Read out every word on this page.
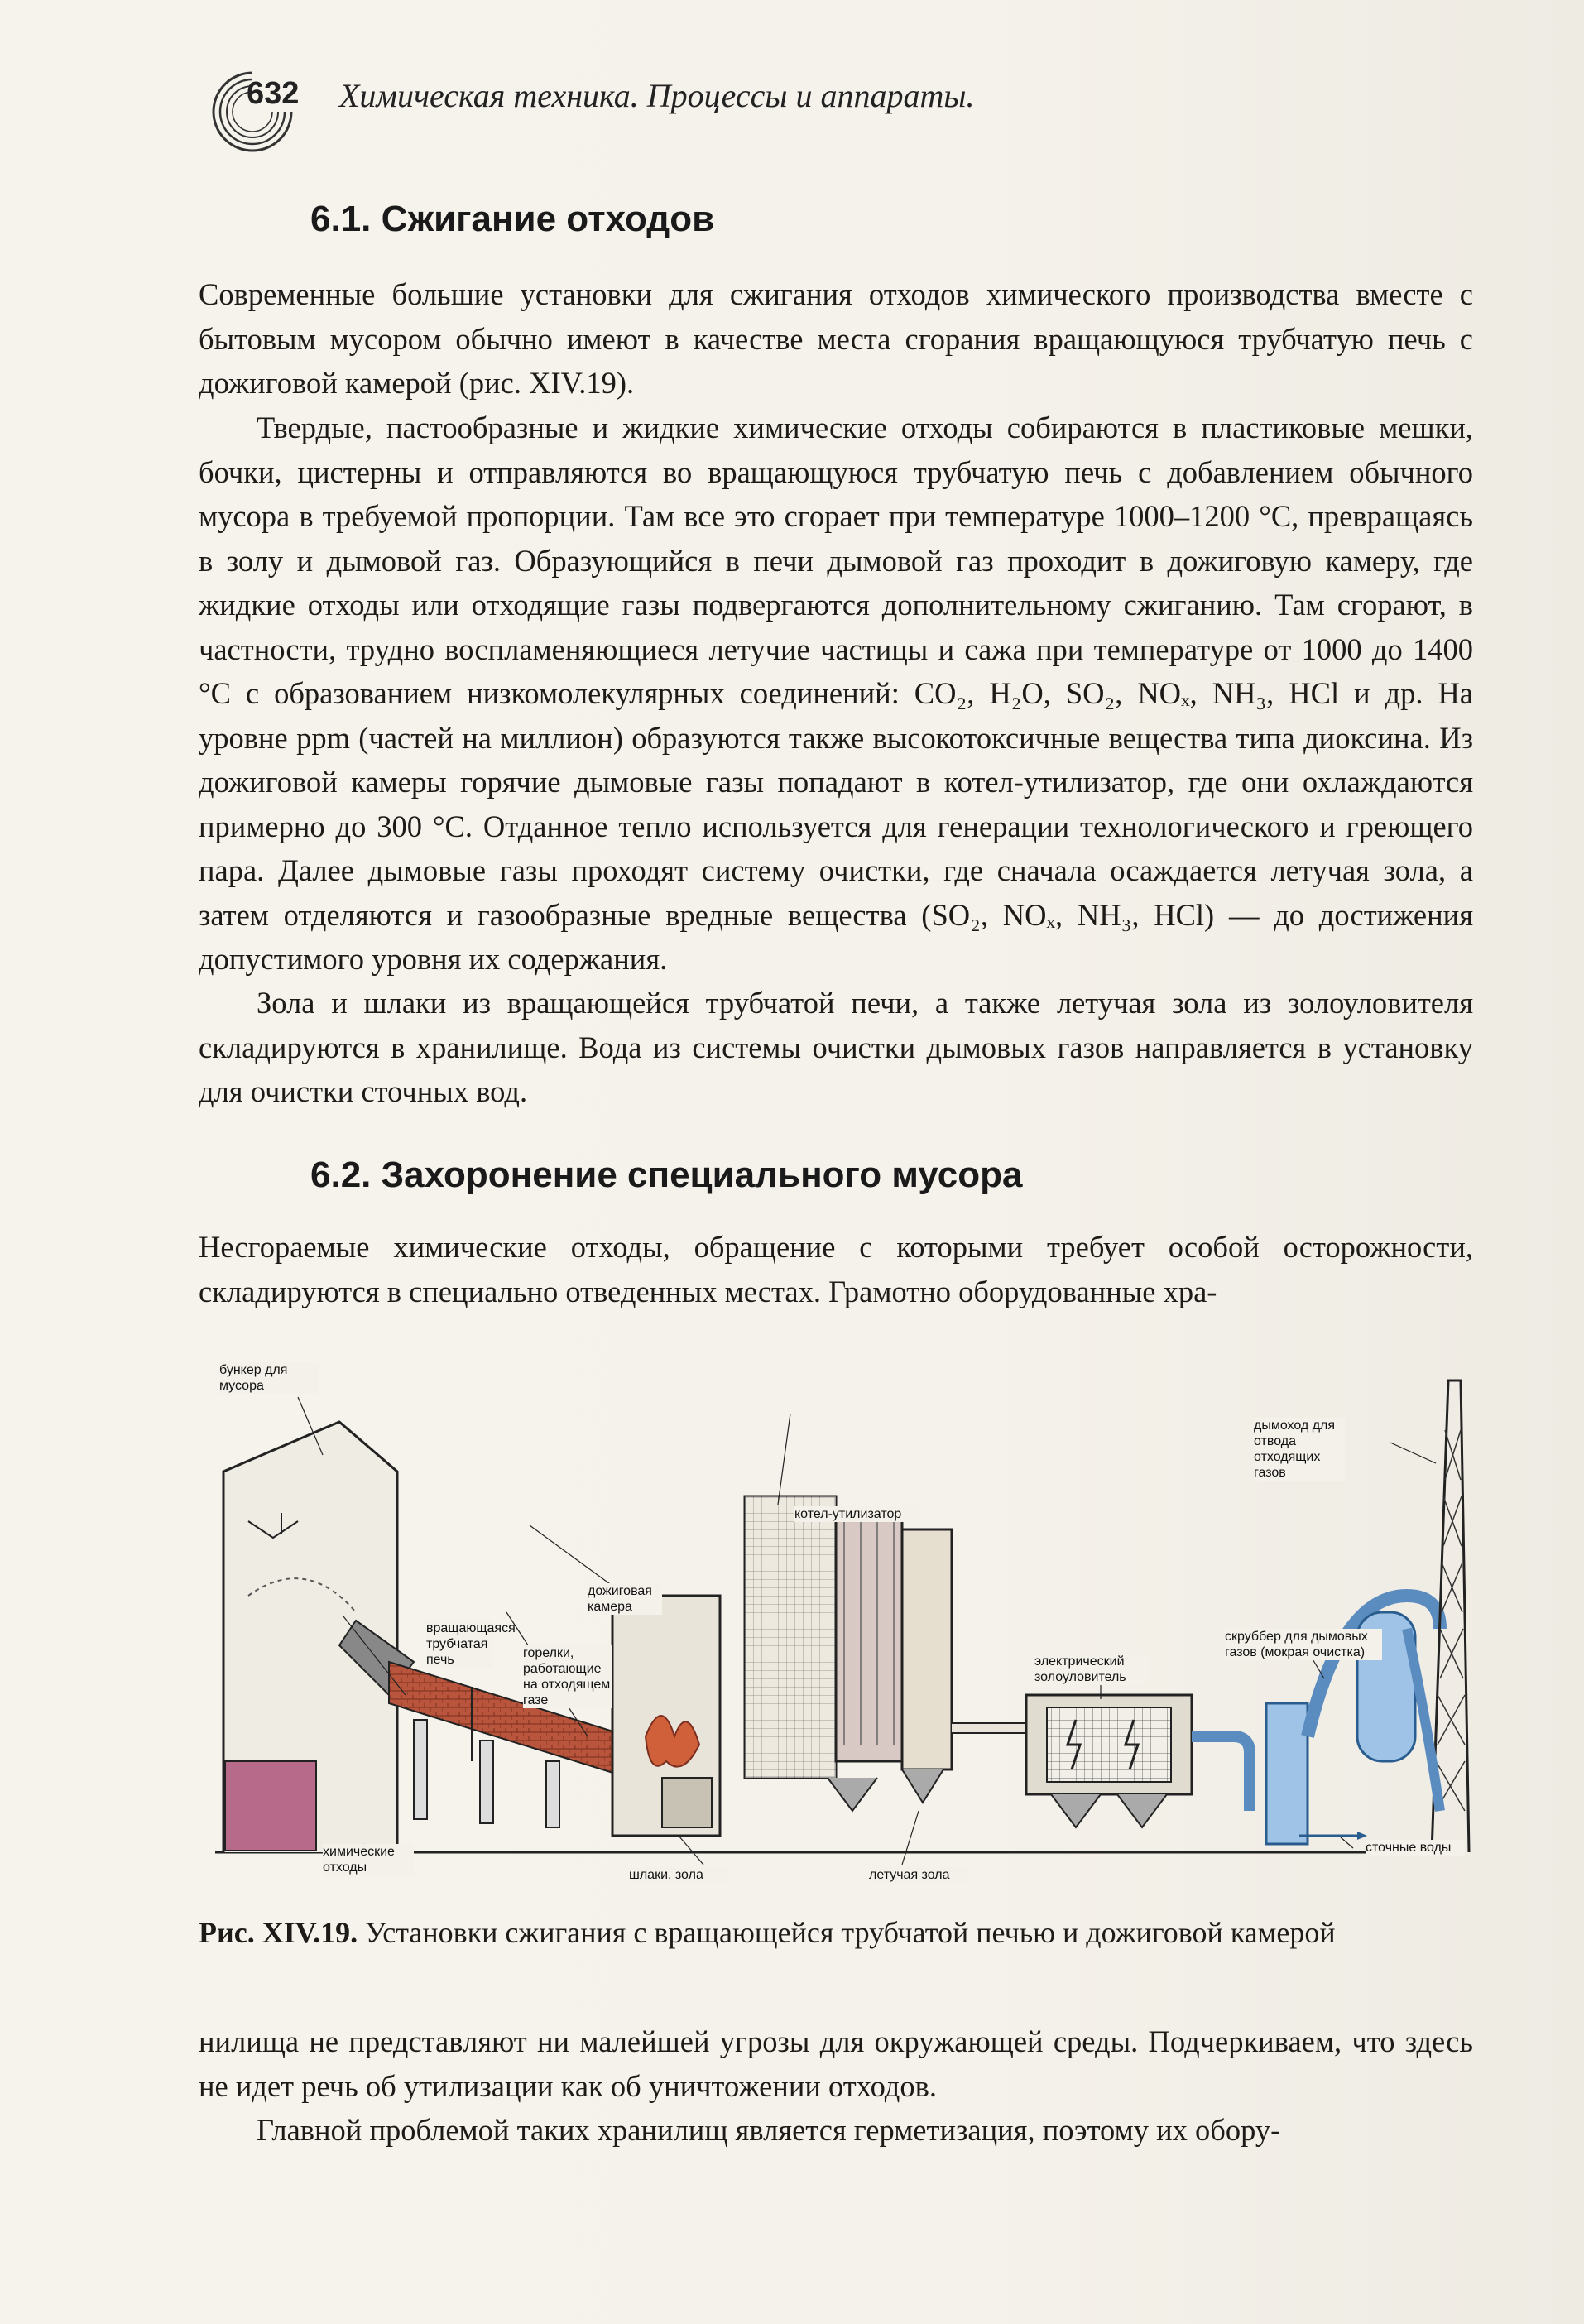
632 Химическая техника. Процессы и аппараты.
6.1. Сжигание отходов

Современные большие установки для сжигания отходов химического производства вместе с бытовым мусором обычно имеют в качестве места сгорания вращающуюся трубчатую печь с дожиговой камерой (рис. XIV.19).

Твердые, пастообразные и жидкие химические отходы собираются в пластиковые мешки, бочки, цистерны и отправляются во вращающуюся трубчатую печь с добавлением обычного мусора в требуемой пропорции. Там все это сгорает при температуре 1000–1200 °C, превращаясь в золу и дымовой газ. Образующийся в печи дымовой газ проходит в дожиговую камеру, где жидкие отходы или отходящие газы подвергаются дополнительному сжиганию. Там сгорают, в частности, трудно воспламеняющиеся летучие частицы и сажа при температуре от 1000 до 1400 °C с образованием низкомолекулярных соединений: CO₂, H₂O, SO₂, NOₓ, NH₃, HCl и др. На уровне ppm (частей на миллион) образуются также высокотоксичные вещества типа диоксина. Из дожиговой камеры горячие дымовые газы попадают в котел-утилизатор, где они охлаждаются примерно до 300 °C. Отданное тепло используется для генерации технологического и греющего пара. Далее дымовые газы проходят систему очистки, где сначала осаждается летучая зола, а затем отделяются и газообразные вредные вещества (SO₂, NOₓ, NH₃, HCl) — до достижения допустимого уровня их содержания.

Зола и шлаки из вращающейся трубчатой печи, а также летучая зола из золоуловителя складируются в хранилище. Вода из системы очистки дымовых газов направляется в установку для очистки сточных вод.

6.2. Захоронение специального мусора

Несгораемые химические отходы, обращение с которыми требует особой осторожности, складируются в специально отведенных местах. Грамотно оборудованные хра-

бункер для мусора
вращающаяся трубчатая печь
дожиговая камера
горелки, работающие на отходящем газе
котел-утилизатор
электрический золоуловитель
скруббер для дымовых газов (мокрая очистка)
дымоход для отвода отходящих газов
химические отходы
шлаки, зола	летучая зола
сточные воды
Рис. XIV.19. Установки сжигания с вращающейся трубчатой печью и дожиговой камерой

нилища не представляют ни малейшей угрозы для окружающей среды. Подчеркиваем, что здесь не идет речь об утилизации как об уничтожении отходов.

Главной проблемой таких хранилищ является герметизация, поэтому их обору-
